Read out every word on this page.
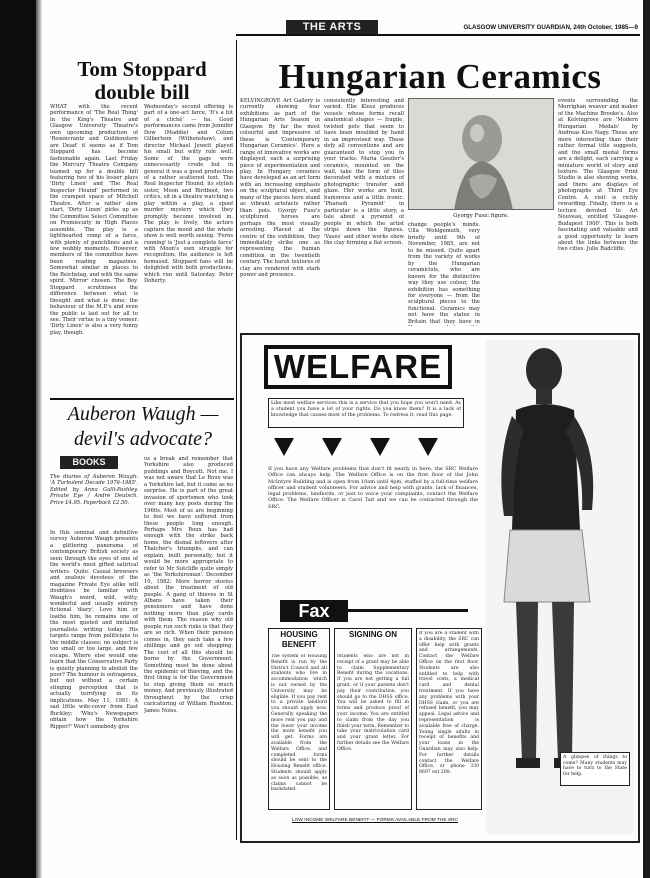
THE ARTS	GLASGOW UNIVERSITY GUARDIAN, 24th October, 1985—9
Tom Stoppard double bill
WHAT with the recent performance of 'The Real Thing' in the King's Theatre and Glasgow University Theatre's own upcoming production of 'Rosencrantz and Guildenstern are Dead' it seems as if Tom Stoppard has become fashionable again. Last Friday the Mercury Theatre Company teamed up for a double bill featuring two of his lesser plays 'Dirty Linen' and 'The Real Inspector Hound' performed in the cramped space of Mitchell Theatre. After a rather slow start, 'Dirty Linen' picks up as the Committee Select Committee on Promiscuity in High Places assemble. The play is a lighthearted romp of a farce, with plenty of punchlines and a few wobbly moments. However, members of the committee have been reading magazines. Somewhat similar in places to the Reichstag, and with the same spirit. 'Mirror' chosen. The Boy. Stoppard scrutinises the difference between what is thought and what is done; the behaviour of the M.P.'s and even the public is laid out for all to see. Their virtue is a tiny veneer. 'Dirty Linen' is also a very funny play, though.
Wednesday's second offering is part of a one-act farce, 'It's a bit of a cliché' — ha. Good performances came from Jennifer Dow (Maddie) and Colum Gilbertson (Withenshaw), and director Michael Jewett played his small but witty role well. Some of the gags were unnecessarily crude but in general it was a good production of a rather scattered text. The Real Inspector Hound, its stylish sister, Moon and Birdboot, two critics, sit in a theatre watching a play within a play, a spoof murder mystery which they promptly become involved in. The play is lively, the actors capture the mood and the whole show is well worth seeing. 'Ferns running' is 'Just a complete farce' with Moon's own struggle for recognition; the audience is left bemused. Stoppard fans will be delighted with both productions, which run until Saturday. Peter Doherty.
Auberon Waugh — devil's advocate?
BOOKS
The diaries of Auberon Waugh: 'A Turbulent Decade 1976-1985'. Edited by Anna Galli-Pashley. Private Eye / Andre Deutsch. Price £4.95. Paperback £2.50.
In this seminal and definitive survey Auberon Waugh presents a glittering panorama of contemporary British society as seen through the eyes of one of the world's most gifted satirical writers. Quite. Casual browsers and zealous devotees of the magazine Private Eye alike will doubtless be familiar with Waugh's weird, wild, witty, wonderful and usually entirely fictional 'diary'. Love him or loathe him, he remains one of the most quoted and imitated journalists writing today. His targets range from politicians to the middle classes; no subject is too small or too large, and few escape. Where else would one learn that the Conservative Party is quietly planning to abolish the poor? The humour is outrageous, but not without a certain stinging perception that is actually terrifying in its implications. May 11, 1981: A sad little wife-cover from East Buckley; 'Who's Newspapers obtain how the Yorkshire Ripper?' Won't somebody give
us a break and remember that Yorkshire also produced puddings and Boycott. Not me. I was not aware that Le Roux was a Yorkshire lad, but it came as no surprise. He is part of the great invasion of sportsmen who took over many key posts during the 1960s. Most of us are beginning to feel we have suffered from these people long enough. Perhaps Mrs Roux has had enough with the strike back home, the dismal leftovers after Thatcher's triumphs, and can explain, built personally, but it would be more appropriate to refer to Mr Sutcliffe quite simply as 'the Yorkshireman'. December 10, 1982: More horror stories about the treatment of old people. A gang of thieves in St Albans have taken their pensioners and have done nothing more than play cards with them. The reason why old people run such risks is that they are so rich. When their pension comes in, they each take a few shillings and go out shopping. The cost of all this should be borne by the Government. Something must be done about the epidemic of thieving, and the first thing is for the Government to stop giving them so much money. And previously illustrated throughout by the crisp caricaturing of William Rushton. James Noiss.
Hungarian Ceramics
KELVINGROVE Art Gallery is currently showing four exhibitions as part of the Hungarian Arts Season in Glasgow. By far the most colourful and impressive of these is 'Contemporary Hungarian Ceramics'. Here a range of innovative works are displayed, each a surprising piece of experimentation and play. In Hungary ceramics have developed as an art form with an increasing emphasis on the sculptural object, and many of the pieces here stand as vibrant artefacts rather than pots. Gyorgy Fusz's sculptured horses are perhaps the most visually arresting. Placed at the centre of the exhibition, they immediately strike one as representing the human condition in the twentieth century. The harsh textures of clay are rendered with stark power and presence.
consistently interesting and varied. Ebe Klesz produces vessels whose forms recall anatomical shapes — fragile, twisted pots that seem to have been moulded by hand in an improvised way. These defy all conventions and are guaranteed to stop you in your tracks. Maria Geszler's ceramics, mounted on the wall, take the form of tiles decorated with a mixture of photographic transfer and glaze. Her works are bold, humorous and a little ironic. 'Pharaoh Pyramid' in particular is a little story, a tale about a pyramid of people in which the artist strips down the figures. 'Vases' and other works show the clay forming a flat screen.
Gyorgy Fusz: figure.
change people's minds. Ulla Wohlgemuth, very briefly until 9th of November, 1985, are not to be missed. Quite apart from the variety of works by the Hungarian ceramicists, who are known for the distinctive way they use colour, the exhibition has something for everyone — from the sculptural pieces to the functional. Ceramics may not have the status in Britain that they have in
events surrounding the Morrighan weaver and maker of the Machine Brooke's. Also at Kelvingrove are 'Modern Hungarian Medals' by Andreas Kiss Nagy. These are more interesting than their rather formal title suggests, and the small medal forms are a delight, each carrying a miniature world of story and texture. The Glasgow Print Studio is also showing works, and there are displays of photographs at Third Eye Centre. A visit is richly rewarding. Finally, there is a lecture devoted to Art Nouveau, entitled 'Glasgow-Budapest 1900'. This is both fascinating and valuable and a good opportunity to learn about the links between the two cities. Julie Radcliffe.
WELFARE
Like most welfare services this is a service that you hope you won't need. As a student you have a lot of your rights. Do you know them? It is a lack of knowledge that causes most of the problems. To redress it, read this page.
If you have any Welfare problems that don't fit neatly in here, the SRC Welfare Office can always help. The Welfare Office is on the first floor of the John McIntyre Building and is open from 10am until 4pm, staffed by a full-time welfare officer and student volunteers. For advice and help with grants, lack of finances, legal problems, landlords, or just to voice your complaints, contact the Welfare Office. The Welfare Officer is Carol Tait and we can be contacted through the SRC.
A glimpse of things to come? Many students may have to turn to the State for help.
Fax
HOUSING BENEFIT
The system of Housing Benefit is run by the District Council and all students who live in accommodation which is not owned by the University may be eligible. If you pay rent to a private landlord you should apply now. Generally speaking the more rent you pay and the lower your income the more benefit you will get. Forms are available from the Welfare Office, and completed forms should be sent to the Housing Benefit office. Students should apply as soon as possible, as claims cannot be backdated.
SIGNING ON
Students who are not in receipt of a grant may be able to claim Supplementary Benefit during the vacations. If you are not getting a full grant, or if your parents don't pay their contribution, you should go to the DHSS office. You will be asked to fill in forms and produce proof of your income. You are entitled to claim from the day you finish your term. Remember to take your matriculation card and your grant letter. For further details see the Welfare Office.
If you are a student with a disability, the SRC can offer help with grants and arrangements. Contact the Welfare Office on the first floor. Students are also entitled to help with travel costs, a medical card and dental treatment. If you have any problems with your DHSS claim, or you are refused benefit, you may appeal. Legal advice and representation is available free of charge. Young single adults in receipt of benefits and your loans in the Guardian may also help. For further details contact the Welfare Office, or phone 339 8697 ext 200.
LOW INCOME WELFARE BENEFIT — FORMS AVAILABLE FROM THE SRC
